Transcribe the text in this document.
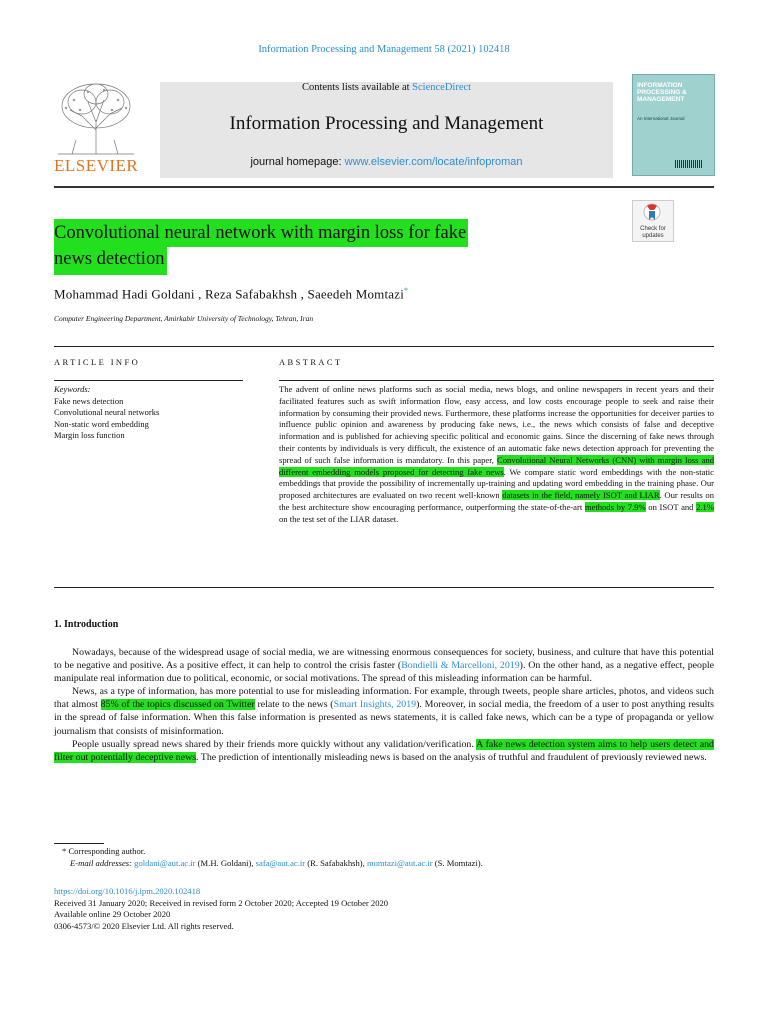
Information Processing and Management 58 (2021) 102418
ELSEVIER
Contents lists available at ScienceDirect
Information Processing and Management
journal homepage: www.elsevier.com/locate/infoproman
INFORMATION PROCESSING & MANAGEMENT
An International Journal
Convolutional neural network with margin loss for fake
news detection
Check for updates
Mohammad Hadi Goldani , Reza Safabakhsh , Saeedeh Momtazi*
Computer Engineering Department, Amirkabir University of Technology, Tehran, Iran
ARTICLE INFO	ABSTRACT
Keywords:
Fake news detection
Convolutional neural networks
Non-static word embedding
Margin loss function
The advent of online news platforms such as social media, news blogs, and online newspapers in recent years and their facilitated features such as swift information flow, easy access, and low costs encourage people to seek and raise their information by consuming their provided news. Furthermore, these platforms increase the opportunities for deceiver parties to influence public opinion and awareness by producing fake news, i.e., the news which consists of false and deceptive information and is published for achieving specific political and economic gains. Since the discerning of fake news through their contents by individuals is very difficult, the existence of an automatic fake news detection approach for preventing the spread of such false information is mandatory. In this paper, Convolutional Neural Networks (CNN) with margin loss and different embedding models proposed for detecting fake news. We compare static word embeddings with the non-static embeddings that provide the possibility of incrementally up-training and updating word embedding in the training phase. Our proposed architectures are evaluated on two recent well-known datasets in the field, namely ISOT and LIAR. Our results on the best architecture show encouraging performance, outperforming the state-of-the-art methods by 7.9% on ISOT and 2.1% on the test set of the LIAR dataset.
1. Introduction

Nowadays, because of the widespread usage of social media, we are witnessing enormous consequences for society, business, and culture that have this potential to be negative and positive. As a positive effect, it can help to control the crisis faster (Bondielli & Marcelloni, 2019). On the other hand, as a negative effect, people manipulate real information due to political, economic, or social motivations. The spread of this misleading information can be harmful.

News, as a type of information, has more potential to use for misleading information. For example, through tweets, people share articles, photos, and videos such that almost 85% of the topics discussed on Twitter relate to the news (Smart Insights, 2019). Moreover, in social media, the freedom of a user to post anything results in the spread of false information. When this false information is presented as news statements, it is called fake news, which can be a type of propaganda or yellow journalism that consists of misinformation.

People usually spread news shared by their friends more quickly without any validation/verification. A fake news detection system aims to help users detect and filter out potentially deceptive news. The prediction of intentionally misleading news is based on the analysis of truthful and fraudulent of previously reviewed news.

* Corresponding author.
E-mail addresses: goldani@aut.ac.ir (M.H. Goldani), safa@aut.ac.ir (R. Safabakhsh), momtazi@aut.ac.ir (S. Momtazi).
https://doi.org/10.1016/j.ipm.2020.102418
Received 31 January 2020; Received in revised form 2 October 2020; Accepted 19 October 2020
Available online 29 October 2020
0306-4573/© 2020 Elsevier Ltd. All rights reserved.
